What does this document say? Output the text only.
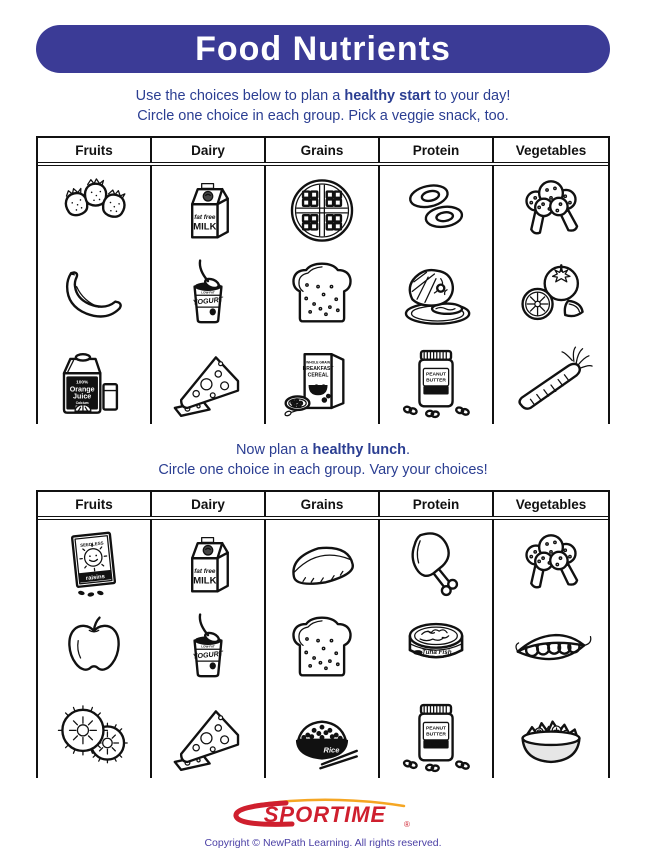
Food Nutrients
Use the choices below to plan a healthy start to your day!
Circle one choice in each group. Pick a veggie snack, too.
Fruits	Dairy	Grains	Protein	Vegetables
100%
Orange
Juice
Calcium
fat free
MILK
LOW-FAT
YOGURT
WHOLE GRAIN
BREAKFAST
CEREAL	PEANUT
BUTTER
Now plan a healthy lunch.
Circle one choice in each group. Vary your choices!
Fruits	Dairy	Grains	Protein	Vegetables
SEEDLESS
raisins
fat free
MILK
LOW-FAT
YOGURT
Rice
Tuna Fish
PEANUT
BUTTER
SPORTIME ®
Copyright © NewPath Learning. All rights reserved.
